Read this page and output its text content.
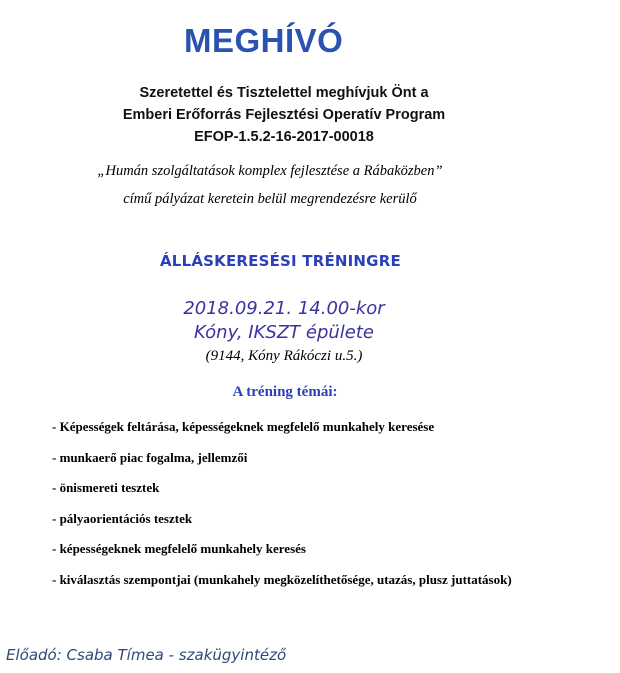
MEGHÍVÓ
Szeretettel és Tisztelettel meghívjuk Önt a
Emberi Erőforrás Fejlesztési Operatív Program
EFOP-1.5.2-16-2017-00018
„Humán szolgáltatások komplex fejlesztése a Rábaközben”
című pályázat keretein belül megrendezésre kerülő
ÁLLÁSKERESÉSI TRÉNINGRE
2018.09.21. 14.00-kor
Kóny, IKSZT épülete
(9144, Kóny Rákóczi u.5.)
A tréning témái:
- Képességek feltárása, képességeknek megfelelő munkahely keresése
- munkaerő piac fogalma, jellemzői
- önismereti tesztek
- pályaorientációs tesztek
- képességeknek megfelelő munkahely keresés
- kiválasztás szempontjai (munkahely megközelíthetősége, utazás, plusz juttatások)
Előadó: Csaba Tímea - szakügyintéző
